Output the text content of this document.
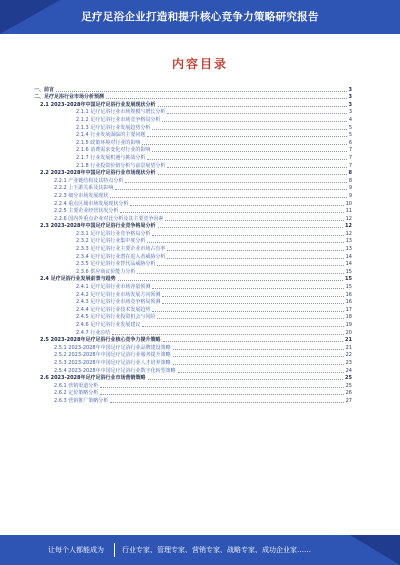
足疗足浴企业打造和提升核心竞争力策略研究报告
内容目录
一、前言	3
二、足疗足浴行业市场分析预测	3
2.1 2023-2028年中国足疗足浴行业发展现状分析	3
2.1.1 足疗足浴行业市场规模与增长分析	3
2.1.2 足疗足浴行业市场竞争格局分析	4
2.1.3 足疗足浴行业发展趋势分析	5
2.1.4 行业发展面临的主要问题	5
2.1.5 政策环境对行业的影响	6
2.1.6 消费需求变化对行业的影响	7
2.1.7 行业发展机遇与挑战分析	7
2.1.8 行业投资价值分析与前景展望分析	7
2.2 2023-2028年中国足疗足浴行业市场现状分析	8
2.2.1 产业链结构及其特点分析	8
2.2.2 上下游关系及其影响	9
2.2.3 细分市场发展现状	9
2.2.4 重点区域市场发展现状分析	10
2.2.5 主要企业经营状况分析	11
2.2.6 国内外重点企业对比分析及其主要竞争因素	12
2.3 2023-2028年中国足疗足浴行业竞争格局分析	12
2.3.1 足疗足浴行业竞争格局分析	12
2.3.2 足疗足浴行业集中度分析	13
2.3.3 足疗足浴行业主要企业市场占有率	13
2.3.4 足疗足浴行业潜在进入者威胁分析	14
2.3.5 足疗足浴行业替代品威胁分析	14
2.3.6 供应商议价能力分析	15
2.4 足疗足浴行业发展前景与趋势	15
2.4.1 足疗足浴行业市场容量预测	15
2.4.2 足疗足浴行业市场发展方向预测	16
2.4.3 足疗足浴行业市场竞争格局预测	16
2.4.4 足疗足浴行业技术发展趋势	17
2.4.5 足疗足浴行业投资机会与风险	18
2.4.6 足疗足浴行业发展建议	19
2.4.7 行业总结	20
2.5 2023-2028年足疗足浴行业核心竞争力提升策略	21
2.5.1 2023-2028年中国足疗足浴行业品牌建设策略	21
2.5.2 2023-2028年中国足疗足浴行业服务提升策略	22
2.5.3 2023-2028年中国足疗足浴行业人才培养策略	23
2.5.4 2023-2028年中国足疗足浴行业数字化转型策略	24
2.6 2023-2028年足疗足浴行业市场营销策略	25
2.6.1 营销渠道分析	25
2.6.2 定价策略分析	26
2.6.3 营销推广策略分析	27
让每个人都能成为	行业专家、管理专家、营销专家、战略专家、成功企业家……
